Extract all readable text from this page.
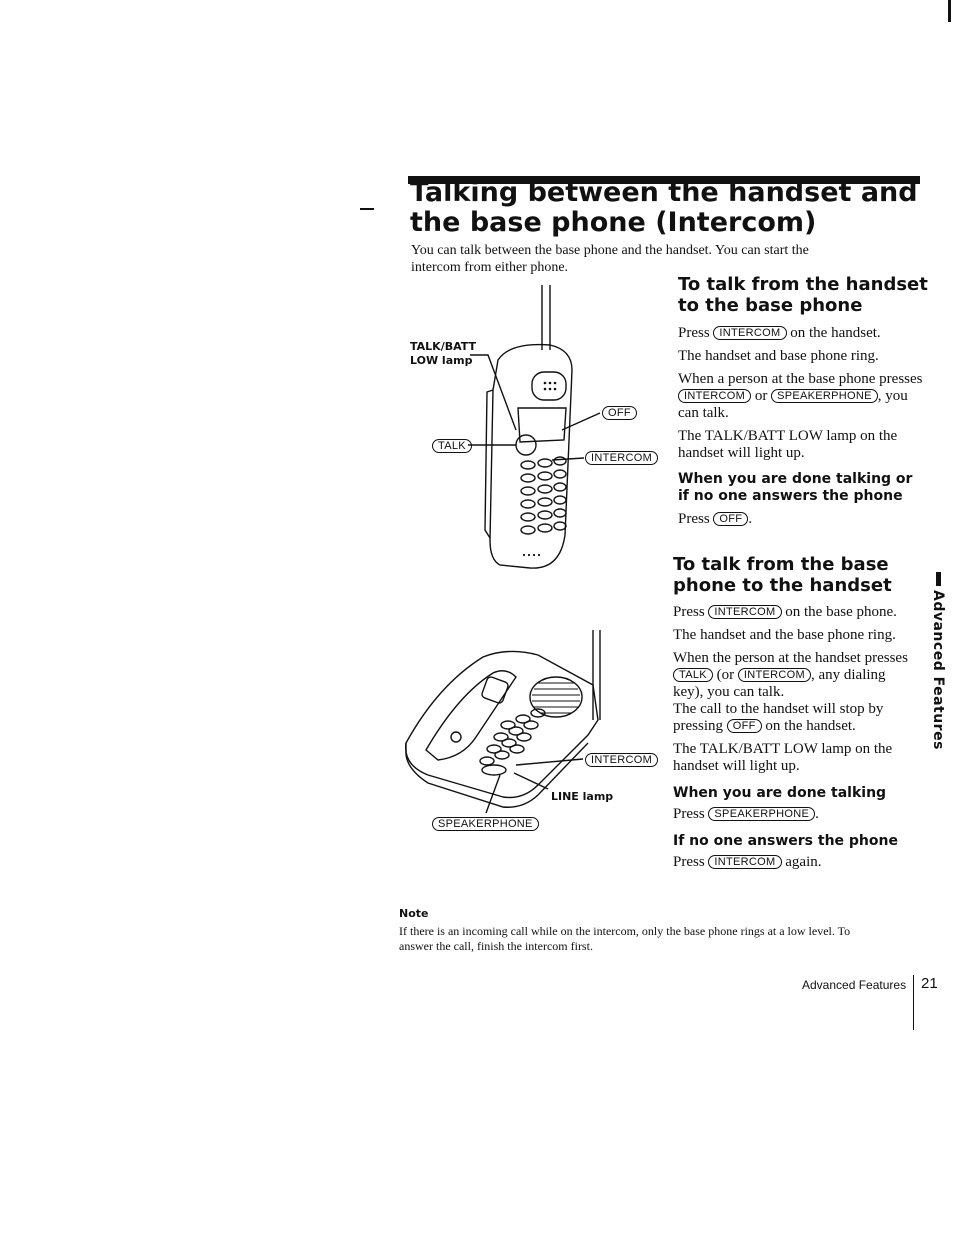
Talking between the handset and the base phone (Intercom)
You can talk between the base phone and the handset. You can start the intercom from either phone.
TALK/BATT
LOW lamp
OFF
TALK
INTERCOM
INTERCOM
LINE lamp
SPEAKERPHONE
To talk from the handset to the base phone
Press INTERCOM on the handset.
The handset and base phone ring.
When a person at the base phone presses INTERCOM or SPEAKERPHONE , you can talk.
The TALK/BATT LOW lamp on the handset will light up.
When you are done talking or if no one answers the phone
Press OFF .
To talk from the base phone to the handset
Press INTERCOM on the base phone.
The handset and the base phone ring.
When the person at the handset presses TALK (or INTERCOM , any dialing key), you can talk.
The call to the handset will stop by pressing OFF on the handset.
The TALK/BATT LOW lamp on the handset will light up.
When you are done talking
Press SPEAKERPHONE .
If no one answers the phone
Press INTERCOM again.
Note
If there is an incoming call while on the intercom, only the base phone rings at a low level. To answer the call, finish the intercom first.
Advanced Features
Advanced Features 21
